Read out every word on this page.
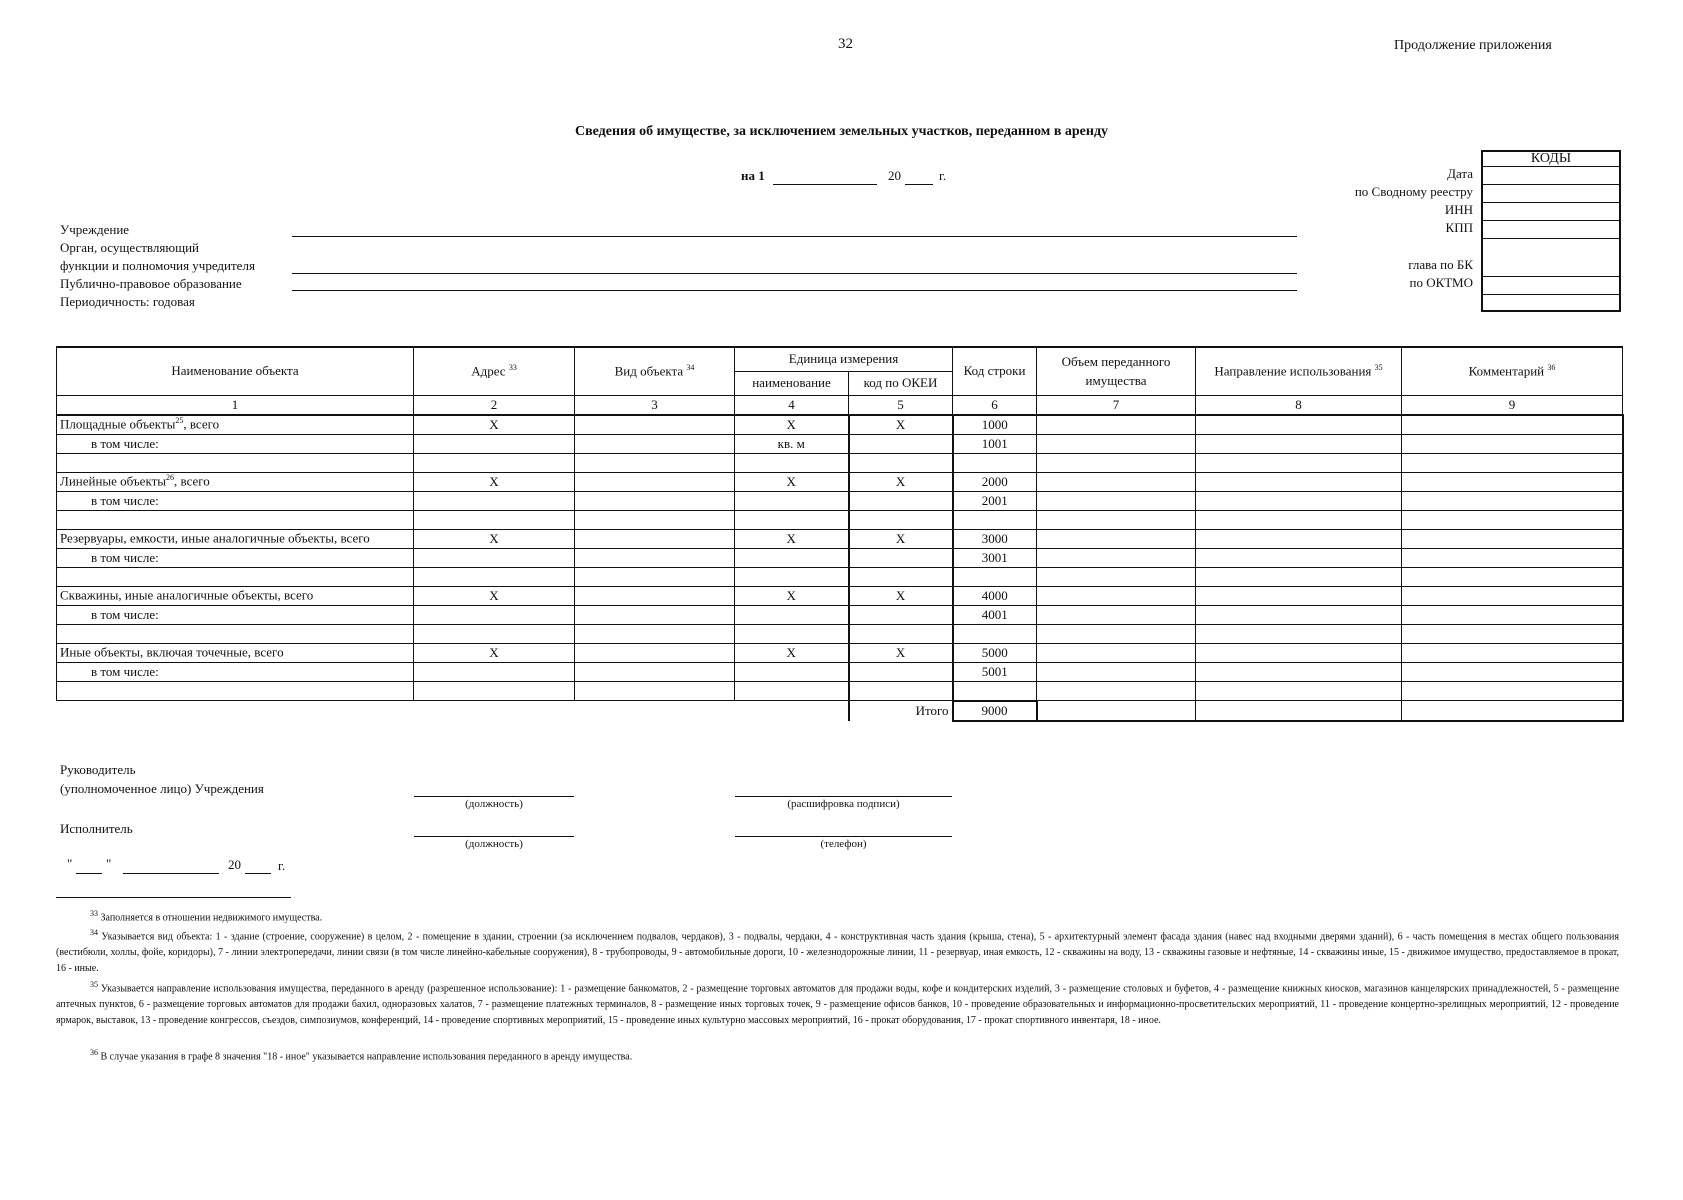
32	Продолжение приложения
Сведения об имуществе, за исключением земельных участков, переданном в аренду
на 1	20	г.
КОДЫ
Дата
по Сводному реестру
ИНН
КПП
глава по БК
по ОКТМО
Учреждение
Орган, осуществляющий
функции и полномочия учредителя
Публично-правовое образование
Периодичность: годовая
Наименование объекта	Адрес $^{33}$	Вид объекта $^{34}$	Единица измерения		Код строки	Объем переданного имущества	Направление использования $^{35}$	Комментарий $^{36}$
			наименование	код по ОКЕИ				
1	2	3	4	5	6	7	8	9
Площадные объекты$^{25}$, всего	X		X	X	1000			
в том числе:			кв. м		1001			

Линейные объекты$^{26}$, всего	X		X	X	2000			
в том числе:					2001			

Резервуары, емкости, иные аналогичные объекты, всего	X		X	X	3000			
в том числе:					3001			

Скважины, иные аналогичные объекты, всего	X		X	X	4000			
в том числе:					4001			

Иные объекты, включая точечные, всего	X		X	X	5000			
в том числе:					5001			

				Итого	9000			
Руководитель
(уполномоченное лицо) Учреждения
(должность)	(расшифровка подписи)
Исполнитель
(должность)	(телефон)
"	"	20	г.
$^{33}$ Заполняется в отношении недвижимого имущества.
$^{34}$ Указывается вид объекта: 1 - здание (строение, сооружение) в целом, 2 - помещение в здании, строении (за исключением подвалов, чердаков), 3 - подвалы, чердаки, 4 - конструктивная часть здания (крыша, стена), 5 - архитектурный элемент фасада здания (навес над входными дверями зданий), 6 - часть помещения в местах общего пользования (вестибюли, холлы, фойе, коридоры), 7 - линии электропередачи, линии связи (в том числе линейно-кабельные сооружения), 8 - трубопроводы, 9 - автомобильные дороги, 10 - железнодорожные линии, 11 - резервуар, иная емкость, 12 - скважины на воду, 13 - скважины газовые и нефтяные, 14 - скважины иные, 15 - движимое имущество, предоставляемое в прокат, 16 - иные.
$^{35}$ Указывается направление использования имущества, переданного в аренду (разрешенное использование): 1 - размещение банкоматов, 2 - размещение торговых автоматов для продажи воды, кофе и кондитерских изделий, 3 - размещение столовых и буфетов, 4 - размещение книжных киосков, магазинов канцелярских принадлежностей, 5 - размещение аптечных пунктов, 6 - размещение торговых автоматов для продажи бахил, одноразовых халатов, 7 - размещение платежных терминалов, 8 - размещение иных торговых точек, 9 - размещение офисов банков, 10 - проведение образовательных и информационно-просветительских мероприятий, 11 - проведение концертно-зрелищных мероприятий, 12 - проведение ярмарок, выставок, 13 - проведение конгрессов, съездов, симпозиумов, конференций, 14 - проведение спортивных мероприятий, 15 - проведение иных культурно массовых мероприятий, 16 - прокат оборудования, 17 - прокат спортивного инвентаря, 18 - иное.
$^{36}$ В случае указания в графе 8 значения "18 - иное" указывается направление использования переданного в аренду имущества.
